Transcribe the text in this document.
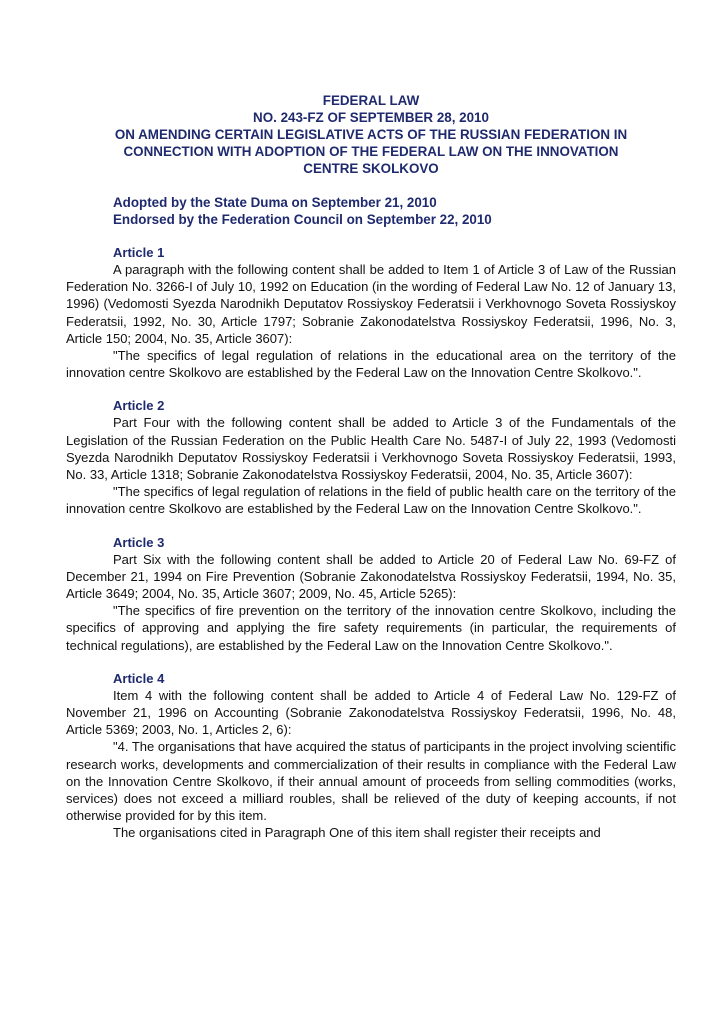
FEDERAL LAW
NO. 243-FZ OF SEPTEMBER 28, 2010
ON AMENDING CERTAIN LEGISLATIVE ACTS OF THE RUSSIAN FEDERATION IN
CONNECTION WITH ADOPTION OF THE FEDERAL LAW ON THE INNOVATION
CENTRE SKOLKOVO
Adopted by the State Duma on September 21, 2010
Endorsed by the Federation Council on September 22, 2010
Article 1

A paragraph with the following content shall be added to Item 1 of Article 3 of Law of the Russian Federation No. 3266-I of July 10, 1992 on Education (in the wording of Federal Law No. 12 of January 13, 1996) (Vedomosti Syezda Narodnikh Deputatov Rossiyskoy Federatsii i Verkhovnogo Soveta Rossiyskoy Federatsii, 1992, No. 30, Article 1797; Sobranie Zakonodatelstva Rossiyskoy Federatsii, 1996, No. 3, Article 150; 2004, No. 35, Article 3607):

"The specifics of legal regulation of relations in the educational area on the territory of the innovation centre Skolkovo are established by the Federal Law on the Innovation Centre Skolkovo.".

Article 2

Part Four with the following content shall be added to Article 3 of the Fundamentals of the Legislation of the Russian Federation on the Public Health Care No. 5487-I of July 22, 1993 (Vedomosti Syezda Narodnikh Deputatov Rossiyskoy Federatsii i Verkhovnogo Soveta Rossiyskoy Federatsii, 1993, No. 33, Article 1318; Sobranie Zakonodatelstva Rossiyskoy Federatsii, 2004, No. 35, Article 3607):

"The specifics of legal regulation of relations in the field of public health care on the territory of the innovation centre Skolkovo are established by the Federal Law on the Innovation Centre Skolkovo.".

Article 3

Part Six with the following content shall be added to Article 20 of Federal Law No. 69-FZ of December 21, 1994 on Fire Prevention (Sobranie Zakonodatelstva Rossiyskoy Federatsii, 1994, No. 35, Article 3649; 2004, No. 35, Article 3607; 2009, No. 45, Article 5265):

"The specifics of fire prevention on the territory of the innovation centre Skolkovo, including the specifics of approving and applying the fire safety requirements (in particular, the requirements of technical regulations), are established by the Federal Law on the Innovation Centre Skolkovo.".

Article 4

Item 4 with the following content shall be added to Article 4 of Federal Law No. 129-FZ of November 21, 1996 on Accounting (Sobranie Zakonodatelstva Rossiyskoy Federatsii, 1996, No. 48, Article 5369; 2003, No. 1, Articles 2, 6):

"4. The organisations that have acquired the status of participants in the project involving scientific research works, developments and commercialization of their results in compliance with the Federal Law on the Innovation Centre Skolkovo, if their annual amount of proceeds from selling commodities (works, services) does not exceed a milliard roubles, shall be relieved of the duty of keeping accounts, if not otherwise provided for by this item.

The organisations cited in Paragraph One of this item shall register their receipts and
